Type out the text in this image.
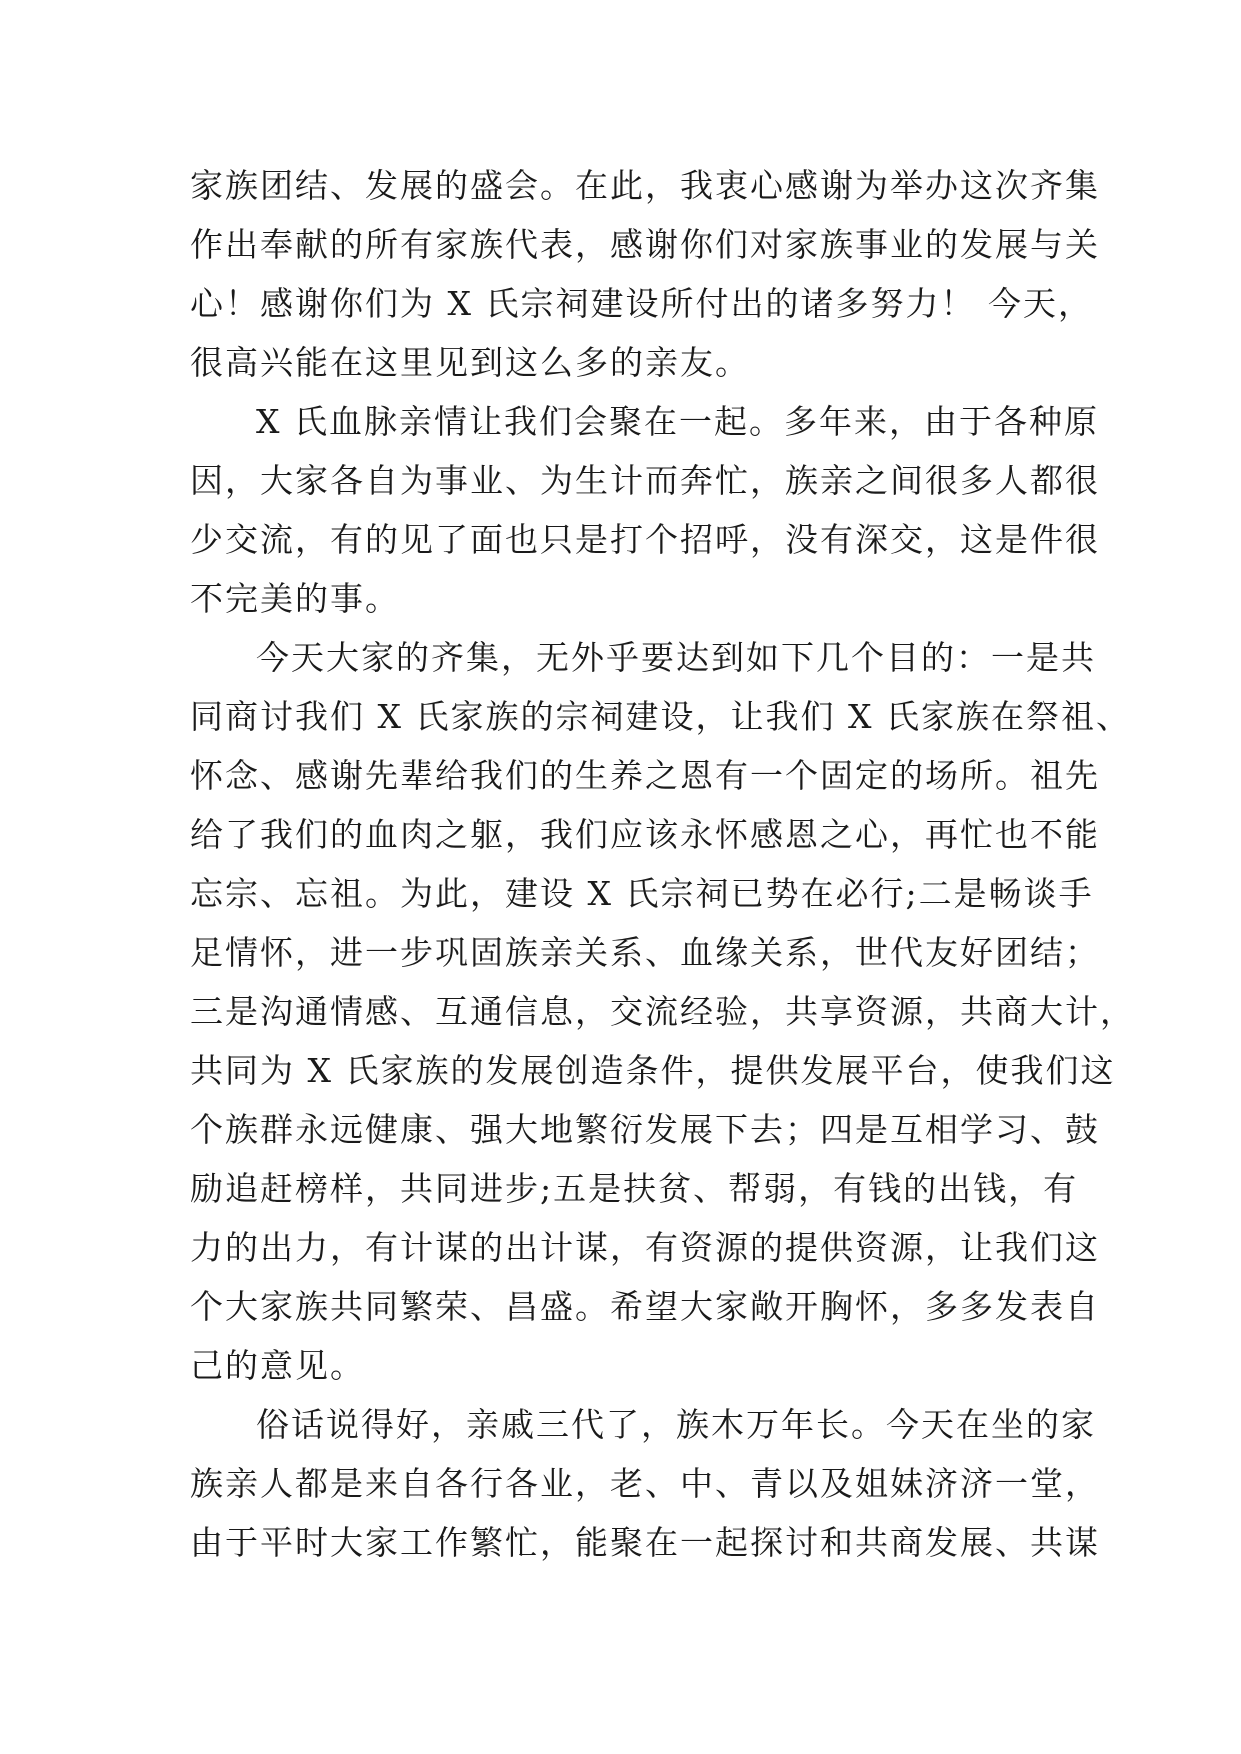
家族团结、发展的盛会。在此，我衷心感谢为举办这次齐集
作出奉献的所有家族代表，感谢你们对家族事业的发展与关
心！感谢你们为 X 氏宗祠建设所付出的诸多努力！ 今天，
很高兴能在这里见到这么多的亲友。
X 氏血脉亲情让我们会聚在一起。多年来，由于各种原
因，大家各自为事业、为生计而奔忙，族亲之间很多人都很
少交流，有的见了面也只是打个招呼，没有深交，这是件很
不完美的事。
今天大家的齐集，无外乎要达到如下几个目的：一是共
同商讨我们 X 氏家族的宗祠建设，让我们 X 氏家族在祭祖、
怀念、感谢先辈给我们的生养之恩有一个固定的场所。祖先
给了我们的血肉之躯，我们应该永怀感恩之心，再忙也不能
忘宗、忘祖。为此，建设 X 氏宗祠已势在必行;二是畅谈手
足情怀，进一步巩固族亲关系、血缘关系，世代友好团结；
三是沟通情感、互通信息，交流经验，共享资源，共商大计，
共同为 X 氏家族的发展创造条件，提供发展平台，使我们这
个族群永远健康、强大地繁衍发展下去；四是互相学习、鼓
励追赶榜样，共同进步;五是扶贫、帮弱，有钱的出钱，有
力的出力，有计谋的出计谋，有资源的提供资源，让我们这
个大家族共同繁荣、昌盛。希望大家敞开胸怀，多多发表自
己的意见。
俗话说得好，亲戚三代了，族木万年长。今天在坐的家
族亲人都是来自各行各业，老、中、青以及姐妹济济一堂，
由于平时大家工作繁忙，能聚在一起探讨和共商发展、共谋
